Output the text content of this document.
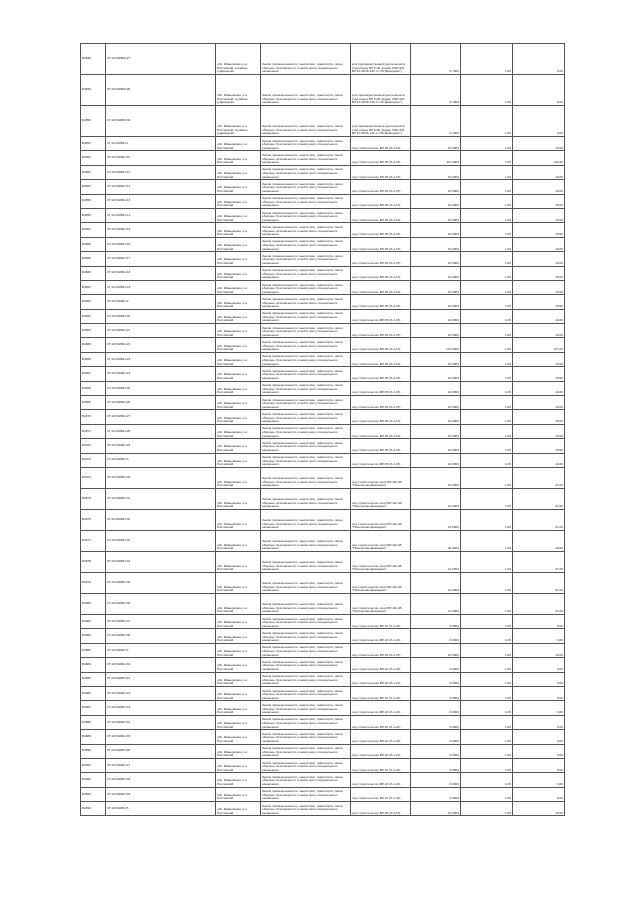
Б4848	37:10:040806:27	обл. Ивановская, р-н Ростовский, в районе д.Демидово	Земли промышленности, энергетики, транспорта, связи, обороны, безопасности и земли иного специального назначения	для производственной деятельности (под опоры ВЛ 6 кВ, фидер ЛЭП-221 ВЛ 10 кВ № 120 от ПС"Демидово")	0,7004	1,00	0,00
Б4849	37:10:040806:28	обл. Ивановская, р-н Ростовский, в районе д.Демидово	Земли промышленности, энергетики, транспорта, связи, обороны, безопасности и земли иного специального назначения	для производственной деятельности (под опоры ВЛ 6 кВ, фидер ЛЭП-221 ВЛ 10 кВ № 120 от ПС"Демидово")	0,7004	1,00	0,00
Б4850	37:10:040806:30	обл. Ивановская, р-н Ростовский, в районе д.Демидово	Земли промышленности, энергетики, транспорта, связи, обороны, безопасности и земли иного специального назначения	для производственной деятельности (под опоры ВЛ 6 кВ, фидер ЛЭП-221 ВЛ 10 кВ № 120 от ПС"Демидово")	0,1004	1,00	0,00
Б4851	37:10:040801:1	обл. Ивановская, р-н Ростовский	Земли промышленности, энергетики, транспорта, связи, обороны, безопасности и земли иного специального назначения	под строительство ВЛ-35 (Л-2-15)	10,0004	1,00	10,00
Б4852	37:10:040801:10	обл. Ивановская, р-н Ростовский	Земли промышленности, энергетики, транспорта, связи, обороны, безопасности и земли иного специального назначения	под строительство ВЛ-35 (Л-2-15)	111,0004	1,00	111,00
Б4853	37:10:040801:11	обл. Ивановская, р-н Ростовский	Земли промышленности, энергетики, транспорта, связи, обороны, безопасности и земли иного специального назначения	под строительство ВЛ-35 (Л-2-15)	10,0004	1,00	10,00
Б4854	37:10:040801:12	обл. Ивановская, р-н Ростовский	Земли промышленности, энергетики, транспорта, связи, обороны, безопасности и земли иного специального назначения	под строительство ВЛ-35 (Л-2-15)	10,0004	1,00	10,00
Б4855	37:10:040801:13	обл. Ивановская, р-н Ростовский	Земли промышленности, энергетики, транспорта, связи, обороны, безопасности и земли иного специального назначения	под строительство ВЛ-35 (Л-2-15)	10,0004	1,00	10,00
Б4856	37:10:040801:14	обл. Ивановская, р-н Ростовский	Земли промышленности, энергетики, транспорта, связи, обороны, безопасности и земли иного специального назначения	под строительство ВЛ-35 (Л-2-15)	10,0004	1,00	10,00
Б4857	37:10:040801:15	обл. Ивановская, р-н Ростовский	Земли промышленности, энергетики, транспорта, связи, обороны, безопасности и земли иного специального назначения	под строительство ВЛ-35 (Л-2-15)	10,0004	1,00	10,00
Б4858	37:10:040801:16	обл. Ивановская, р-н Ростовский	Земли промышленности, энергетики, транспорта, связи, обороны, безопасности и земли иного специального назначения	под строительство ВЛ-35 (Л-2-15)	10,0004	1,00	10,00
Б4859	37:10:040801:17	обл. Ивановская, р-н Ростовский	Земли промышленности, энергетики, транспорта, связи, обороны, безопасности и земли иного специального назначения	под строительство ВЛ-35 (Л-2-15)	10,0004	1,00	10,00
Б4860	37:10:040801:18	обл. Ивановская, р-н Ростовский	Земли промышленности, энергетики, транспорта, связи, обороны, безопасности и земли иного специального назначения	под строительство ВЛ-35 (Л-2-15)	10,0004	1,00	10,00
Б4861	37:10:040801:19	обл. Ивановская, р-н Ростовский	Земли промышленности, энергетики, транспорта, связи, обороны, безопасности и земли иного специального назначения	под строительство ВЛ-35 (Л-2-15)	10,0004	1,00	10,00
Б4862	37:10:040801:2	обл. Ивановская, р-н Ростовский	Земли промышленности, энергетики, транспорта, связи, обороны, безопасности и земли иного специального назначения	под строительство ВЛ-35 (Л-2-15)	10,0004	1,00	10,00
Б4863	37:10:040801:20	обл. Ивановская, р-н Ростовский	Земли промышленности, энергетики, транспорта, связи, обороны, безопасности и земли иного специального назначения	под строительство ВЛ-35 (Л-2-15)	10,0004	1,00	10,00
Б4864	37:10:040801:21	обл. Ивановская, р-н Ростовский	Земли промышленности, энергетики, транспорта, связи, обороны, безопасности и земли иного специального назначения	под строительство ВЛ-35 (Л-2-15)	10,0004	1,00	10,00
Б4865	37:10:040801:22	обл. Ивановская, р-н Ростовский	Земли промышленности, энергетики, транспорта, связи, обороны, безопасности и земли иного специального назначения	под строительство ВЛ-35 (Л-2-15)	137,0004	1,00	137,00
Б4866	37:10:040801:23	обл. Ивановская, р-н Ростовский	Земли промышленности, энергетики, транспорта, связи, обороны, безопасности и земли иного специального назначения	под строительство ВЛ-35 (Л-2-15)	10,0004	1,00	10,00
Б4867	37:10:040801:24	обл. Ивановская, р-н Ростовский	Земли промышленности, энергетики, транспорта, связи, обороны, безопасности и земли иного специального назначения	под строительство ВЛ-35 (Л-2-15)	10,0004	1,00	10,00
Б4868	37:10:040801:25	обл. Ивановская, р-н Ростовский	Земли промышленности, энергетики, транспорта, связи, обороны, безопасности и земли иного специального назначения	под строительство ВЛ-35 (Л-2-15)	10,0004	1,00	10,00
Б4869	37:10:040801:26	обл. Ивановская, р-н Ростовский	Земли промышленности, энергетики, транспорта, связи, обороны, безопасности и земли иного специального назначения	под строительство ВЛ-35 (Л-2-15)	10,0004	1,00	10,00
Б4870	37:10:040801:27	обл. Ивановская, р-н Ростовский	Земли промышленности, энергетики, транспорта, связи, обороны, безопасности и земли иного специального назначения	под строительство ВЛ-35 (Л-2-15)	10,0004	1,00	10,00
Б4871	37:10:040801:28	обл. Ивановская, р-н Ростовский	Земли промышленности, энергетики, транспорта, связи, обороны, безопасности и земли иного специального назначения	под строительство ВЛ-35 (Л-2-15)	10,0004	1,00	10,00
Б4872	37:10:040801:29	обл. Ивановская, р-н Ростовский	Земли промышленности, энергетики, транспорта, связи, обороны, безопасности и земли иного специального назначения	под строительство ВЛ-35 (Л-2-15)	10,0004	1,00	10,00
Б4873	37:10:040801:3	обл. Ивановская, р-н Ростовский	Земли промышленности, энергетики, транспорта, связи, обороны, безопасности и земли иного специального назначения	под строительство ВЛ-35 (Л-2-15)	10,0004	1,00	10,00
Б4874	37:10:040801:30	обл. Ивановская, р-н Ростовский	Земли промышленности, энергетики, транспорта, связи, обороны, безопасности и земли иного специального назначения	под строительство опор ВЛ 110 кВ "Никольская-Демидово"	21,0004	1,00	21,00
Б4875	37:10:040801:31	обл. Ивановская, р-н Ростовский	Земли промышленности, энергетики, транспорта, связи, обороны, безопасности и земли иного специального назначения	под строительство опор ВЛ 110 кВ "Никольская-Демидово"	21,0004	1,00	21,00
Б4876	37:10:040801:32	обл. Ивановская, р-н Ростовский	Земли промышленности, энергетики, транспорта, связи, обороны, безопасности и земли иного специального назначения	под строительство опор ВЛ 110 кВ "Никольская-Демидово"	21,0004	1,00	21,00
Б4877	37:10:040801:33	обл. Ивановская, р-н Ростовский	Земли промышленности, энергетики, транспорта, связи, обороны, безопасности и земли иного специального назначения	под строительство опор ВЛ 110 кВ "Никольская-Демидово"	49,0004	1,00	49,00
Б4878	37:10:040801:34	обл. Ивановская, р-н Ростовский	Земли промышленности, энергетики, транспорта, связи, обороны, безопасности и земли иного специального назначения	под строительство опор ВЛ 110 кВ "Никольская-Демидово"	21,0004	1,00	21,00
Б4879	37:10:040801:35	обл. Ивановская, р-н Ростовский	Земли промышленности, энергетики, транспорта, связи, обороны, безопасности и земли иного специального назначения	под строительство опор ВЛ 110 кВ "Никольская-Демидово"	21,0004	1,00	21,00
Б4880	37:10:040801:36	обл. Ивановская, р-н Ростовский	Земли промышленности, энергетики, транспорта, связи, обороны, безопасности и земли иного специального назначения	под строительство опор ВЛ 110 кВ "Никольская-Демидово"	21,0004	1,00	21,00
Б4881	37:10:040801:37	обл. Ивановская, р-н Ростовский	Земли промышленности, энергетики, транспорта, связи, обороны, безопасности и земли иного специального назначения	под строительство ВЛ-10 (Л-1-22)	0,0004	1,00	0,00
Б4882	37:10:040801:38	обл. Ивановская, р-н Ростовский	Земли промышленности, энергетики, транспорта, связи, обороны, безопасности и земли иного специального назначения	под строительство ВЛ-10 (Л-1-22)	0,0004	1,00	0,00
Б4883	37:10:040801:4	обл. Ивановская, р-н Ростовский	Земли промышленности, энергетики, транспорта, связи, обороны, безопасности и земли иного специального назначения	под строительство ВЛ-35 (Л-2-15)	10,0004	1,00	10,00
Б4884	37:10:040801:40	обл. Ивановская, р-н Ростовский	Земли промышленности, энергетики, транспорта, связи, обороны, безопасности и земли иного специального назначения	под строительство ВЛ-10 (Л-1-22)	0,0004	1,00	0,00
Б4885	37:10:040801:41	обл. Ивановская, р-н Ростовский	Земли промышленности, энергетики, транспорта, связи, обороны, безопасности и земли иного специального назначения	под строительство ВЛ-10 (Л-1-22)	0,0004	1,00	0,00
Б4886	37:10:040801:42	обл. Ивановская, р-н Ростовский	Земли промышленности, энергетики, транспорта, связи, обороны, безопасности и земли иного специального назначения	под строительство ВЛ-10 (Л-1-22)	0,0004	1,00	0,00
Б4887	37:10:040801:43	обл. Ивановская, р-н Ростовский	Земли промышленности, энергетики, транспорта, связи, обороны, безопасности и земли иного специального назначения	под строительство ВЛ-10 (Л-1-22)	0,0004	1,00	0,00
Б4888	37:10:040801:44	обл. Ивановская, р-н Ростовский	Земли промышленности, энергетики, транспорта, связи, обороны, безопасности и земли иного специального назначения	под строительство ВЛ-10 (Л-1-22)	0,0004	1,00	0,00
Б4889	37:10:040801:45	обл. Ивановская, р-н Ростовский	Земли промышленности, энергетики, транспорта, связи, обороны, безопасности и земли иного специального назначения	под строительство ВЛ-10 (Л-1-22)	0,0004	1,00	0,00
Б4890	37:10:040801:46	обл. Ивановская, р-н Ростовский	Земли промышленности, энергетики, транспорта, связи, обороны, безопасности и земли иного специального назначения	под строительство ВЛ-10 (Л-1-22)	0,0004	1,00	0,00
Б4891	37:10:040801:47	обл. Ивановская, р-н Ростовский	Земли промышленности, энергетики, транспорта, связи, обороны, безопасности и земли иного специального назначения	под строительство ВЛ-10 (Л-1-22)	0,0004	1,00	0,00
Б4892	37:10:040801:48	обл. Ивановская, р-н Ростовский	Земли промышленности, энергетики, транспорта, связи, обороны, безопасности и земли иного специального назначения	под строительство ВЛ-10 (Л-1-22)	0,0004	1,00	0,00
Б4893	37:10:040801:49	обл. Ивановская, р-н Ростовский	Земли промышленности, энергетики, транспорта, связи, обороны, безопасности и земли иного специального назначения	под строительство ВЛ-10 (Л-1-22)	0,0004	1,00	0,00
Б4894	37:10:040801:5	обл. Ивановская, р-н Ростовский	Земли промышленности, энергетики, транспорта, связи, обороны, безопасности и земли иного специального назначения	под строительство ВЛ-35 (Л-2-15)	10,0004	1,00	10,00
